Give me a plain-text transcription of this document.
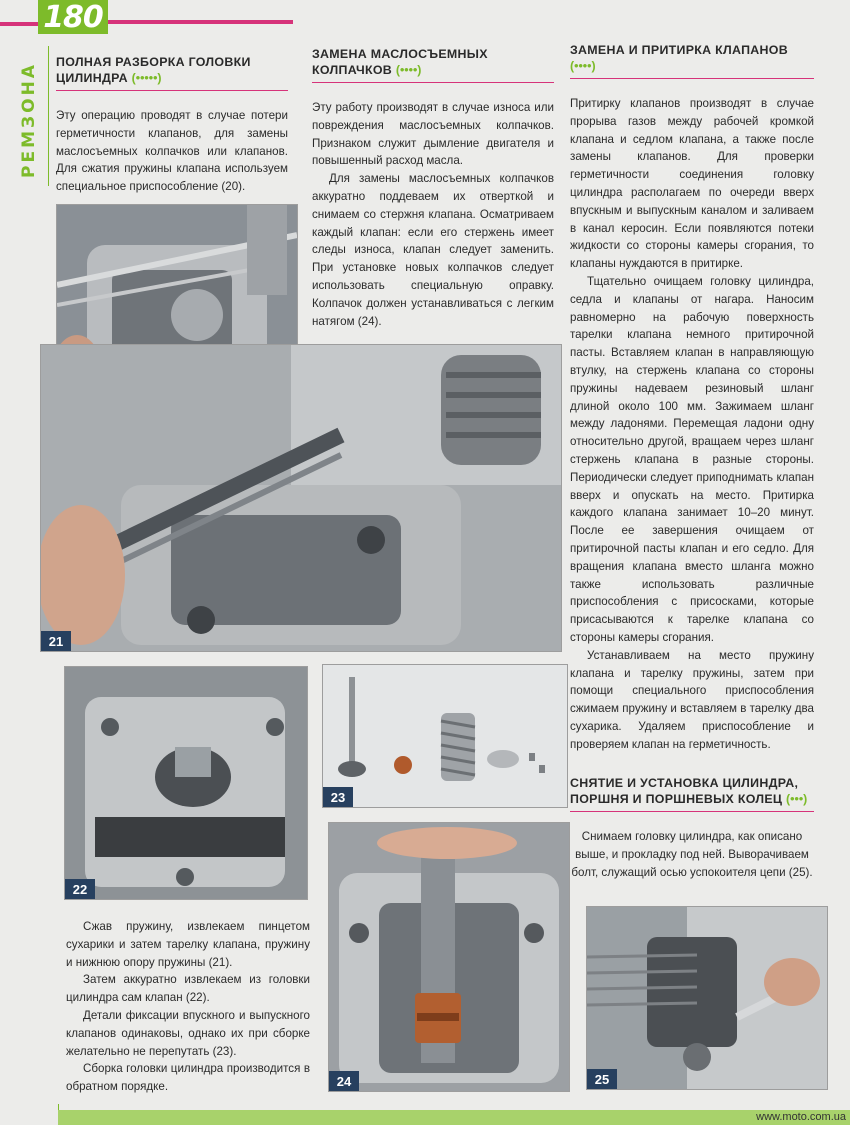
180
РЕМЗОНА
ПОЛНАЯ РАЗБОРКА ГОЛОВКИ ЦИЛИНДРА (•••••)

Эту операцию проводят в случае потери герметичности клапанов, для замены маслосъемных колпачков или клапанов. Для сжатия пружины клапана используем специальное приспособление (20).

ЗАМЕНА МАСЛОСЪЕМНЫХ КОЛПАЧКОВ (••••)

Эту работу производят в случае износа или повреждения маслосъемных колпачков. Признаком служит дымление двигателя и повышенный расход масла.

Для замены маслосъемных колпачков аккуратно поддеваем их отверткой и снимаем со стержня клапана. Осматриваем каждый клапан: если его стержень имеет следы износа, клапан следует заменить. При установке новых колпачков следует использовать специальную оправку. Колпачок должен устанавливаться с легким натягом (24).

ЗАМЕНА И ПРИТИРКА КЛАПАНОВ (••••)

Притирку клапанов производят в случае прорыва газов между рабочей кромкой клапана и седлом клапана, а также после замены клапанов. Для проверки герметичности соединения головку цилиндра располагаем по очереди вверх впускным и выпускным каналом и заливаем в канал керосин. Если появляются потеки жидкости со стороны камеры сгорания, то клапаны нуждаются в притирке.

Тщательно очищаем головку цилиндра, седла и клапаны от нагара. Наносим равномерно на рабочую поверхность тарелки клапана немного притирочной пасты. Вставляем клапан в направляющую втулку, на стержень клапана со стороны пружины надеваем резиновый шланг длиной около 100 мм. Зажимаем шланг между ладонями. Перемещая ладони одну относительно другой, вращаем через шланг стержень клапана в разные стороны. Периодически следует приподнимать клапан вверх и опускать на место. Притирка каждого клапана занимает 10–20 минут. После ее завершения очищаем от притирочной пасты клапан и его седло. Для вращения клапана вместо шланга можно также использовать различные приспособления с присосками, которые присасываются к тарелке клапана со стороны камеры сгорания.

Устанавливаем на место пружину клапана и тарелку пружины, затем при помощи специального приспособления сжимаем пружину и вставляем в тарелку два сухарика. Удаляем приспособление и проверяем клапан на герметичность.

СНЯТИЕ И УСТАНОВКА ЦИЛИНДРА, ПОРШНЯ И ПОРШНЕВЫХ КОЛЕЦ (•••)

Снимаем головку цилиндра, как описано выше, и прокладку под ней. Выворачиваем болт, служащий осью успокоителя цепи (25).

Сжав пружину, извлекаем пинцетом сухарики и затем тарелку клапана, пружину и нижнюю опору пружины (21).

Затем аккуратно извлекаем из головки цилиндра сам клапан (22).

Детали фиксации впускного и выпускного клапанов одинаковы, однако их при сборке желательно не перепутать (23).

Сборка головки цилиндра производится в обратном порядке.

21
22
23
24	25
www.moto.com.ua
